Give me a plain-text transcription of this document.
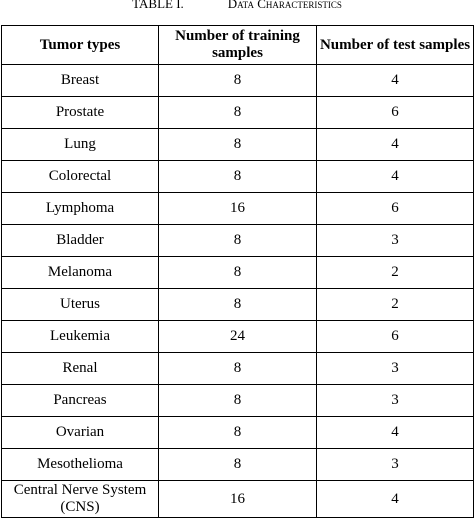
TABLE I.	Data Characteristics
Tumor types	Number of training samples	Number of test samples
Breast	8	4
Prostate	8	6
Lung	8	4
Colorectal	8	4
Lymphoma	16	6
Bladder	8	3
Melanoma	8	2
Uterus	8	2
Leukemia	24	6
Renal	8	3
Pancreas	8	3
Ovarian	8	4
Mesothelioma	8	3
Central Nerve System (CNS)	16	4
